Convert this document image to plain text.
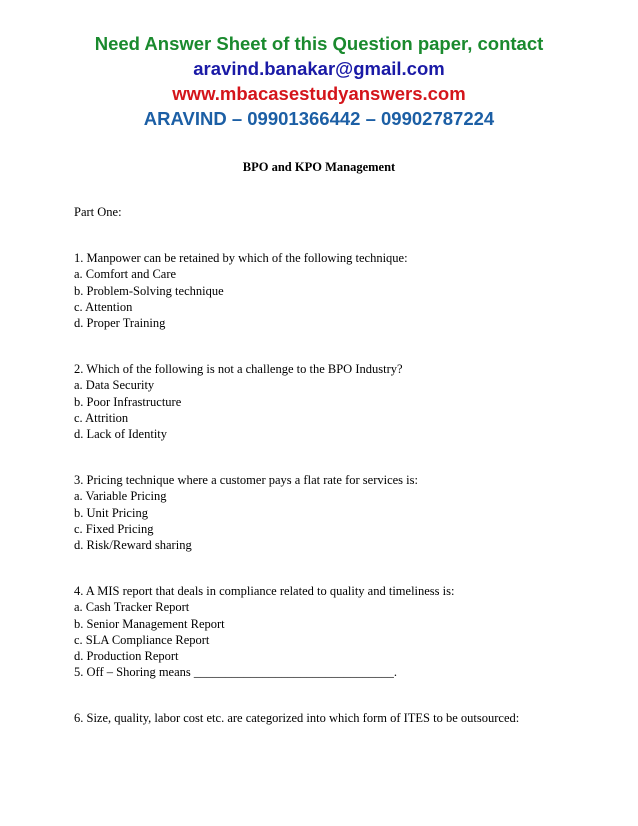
Need Answer Sheet of this Question paper, contact
aravind.banakar@gmail.com
www.mbacasestudyanswers.com
ARAVIND – 09901366442 – 09902787224
BPO and KPO Management
Part One:
1. Manpower can be retained by which of the following technique:
a. Comfort and Care
b. Problem-Solving technique
c. Attention
d. Proper Training
2. Which of the following is not a challenge to the BPO Industry?
a. Data Security
b. Poor Infrastructure
c. Attrition
d. Lack of Identity
3. Pricing technique where a customer pays a flat rate for services is:
a. Variable Pricing
b. Unit Pricing
c. Fixed Pricing
d. Risk/Reward sharing
4. A MIS report that deals in compliance related to quality and timeliness is:
a. Cash Tracker Report
b. Senior Management Report
c. SLA Compliance Report
d. Production Report
5. Off – Shoring means ________________________________.
6. Size, quality, labor cost etc. are categorized into which form of ITES to be outsourced:
